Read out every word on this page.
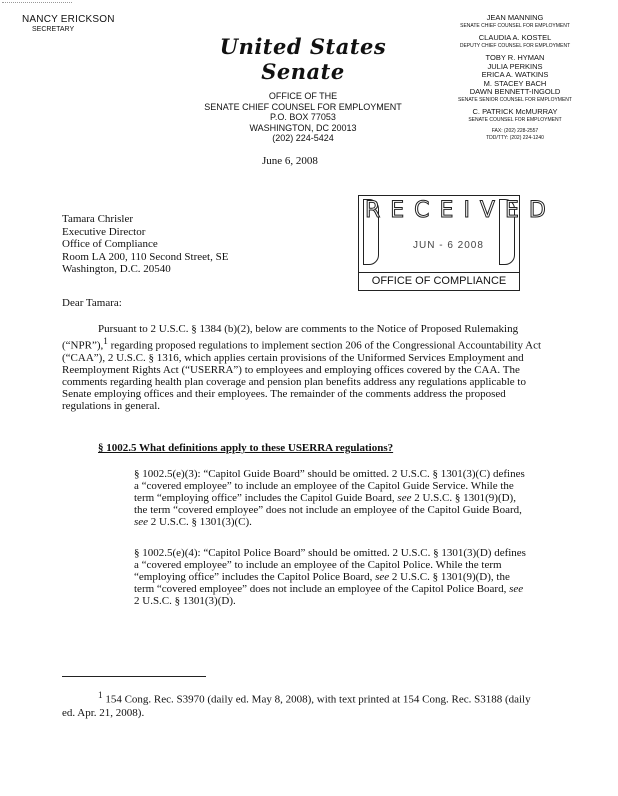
NANCY ERICKSON
SECRETARY
United States Senate
OFFICE OF THE
SENATE CHIEF COUNSEL FOR EMPLOYMENT
P.O. BOX 77053
WASHINGTON, DC 20013
(202) 224-5424
JEAN MANNING
SENATE CHIEF COUNSEL FOR EMPLOYMENT
CLAUDIA A. KOSTEL
DEPUTY CHIEF COUNSEL FOR EMPLOYMENT
TOBY R. HYMAN
JULIA PERKINS
ERICA A. WATKINS
M. STACEY BACH
DAWN BENNETT-INGOLD
SENATE SENIOR COUNSEL FOR EMPLOYMENT
C. PATRICK McMURRAY
SENATE COUNSEL FOR EMPLOYMENT
FAX: (202) 228-2557
TDD/TTY: (202) 224-1240
June 6, 2008
Tamara Chrisler
Executive Director
Office of Compliance
Room LA 200, 110 Second Street, SE
Washington, D.C. 20540
RECEIVED
JUN - 6 2008
OFFICE OF COMPLIANCE
Dear Tamara:
Pursuant to 2 U.S.C. § 1384 (b)(2), below are comments to the Notice of Proposed Rulemaking (“NPR”),$^1$ regarding proposed regulations to implement section 206 of the Congressional Accountability Act (“CAA”), 2 U.S.C. § 1316, which applies certain provisions of the Uniformed Services Employment and Reemployment Rights Act (“USERRA”) to employees and employing offices covered by the CAA. The comments regarding health plan coverage and pension plan benefits address any regulations applicable to Senate employing offices and their employees. The remainder of the comments address the proposed regulations in general.
§ 1002.5 What definitions apply to these USERRA regulations?
§ 1002.5(e)(3): “Capitol Guide Board” should be omitted. 2 U.S.C. § 1301(3)(C) defines a “covered employee” to include an employee of the Capitol Guide Service. While the term “employing office” includes the Capitol Guide Board, see 2 U.S.C. § 1301(9)(D), the term “covered employee” does not include an employee of the Capitol Guide Board, see 2 U.S.C. § 1301(3)(C).
§ 1002.5(e)(4): “Capitol Police Board” should be omitted. 2 U.S.C. § 1301(3)(D) defines a “covered employee” to include an employee of the Capitol Police. While the term “employing office” includes the Capitol Police Board, see 2 U.S.C. § 1301(9)(D), the term “covered employee” does not include an employee of the Capitol Police Board, see 2 U.S.C. § 1301(3)(D).
$^1$ 154 Cong. Rec. S3970 (daily ed. May 8, 2008), with text printed at 154 Cong. Rec. S3188 (daily ed. Apr. 21, 2008).
